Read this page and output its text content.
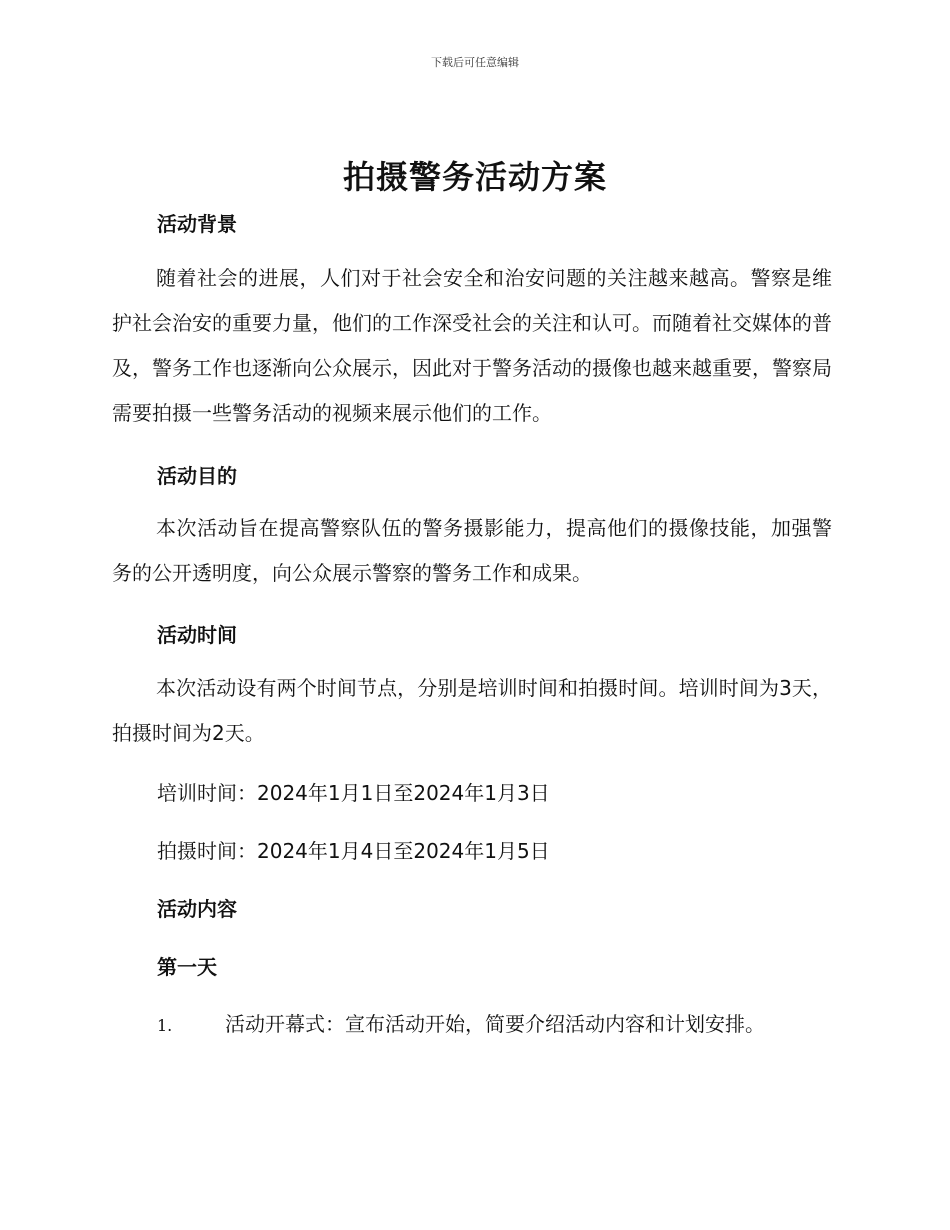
下载后可任意编辑
拍摄警务活动方案
活动背景
随着社会的进展，人们对于社会安全和治安问题的关注越来越高。警察是维护社会治安的重要力量，他们的工作深受社会的关注和认可。而随着社交媒体的普及，警务工作也逐渐向公众展示，因此对于警务活动的摄像也越来越重要，警察局需要拍摄一些警务活动的视频来展示他们的工作。
活动目的
本次活动旨在提高警察队伍的警务摄影能力，提高他们的摄像技能，加强警务的公开透明度，向公众展示警察的警务工作和成果。
活动时间
本次活动设有两个时间节点，分别是培训时间和拍摄时间。培训时间为3天，拍摄时间为2天。
培训时间：2024年1月1日至2024年1月3日
拍摄时间：2024年1月4日至2024年1月5日
活动内容
第一天
1.	活动开幕式：宣布活动开始，简要介绍活动内容和计划安排。
